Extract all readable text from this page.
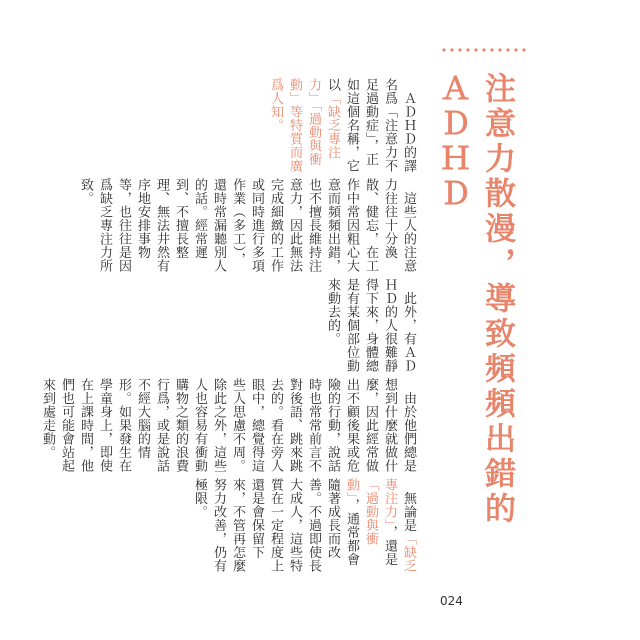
注意力散漫，導致頻頻出錯的ＡＤＨＤ

　ＡＤＨＤ的譯名爲「注意力不足過動症」，正如這個名稱，它以「缺乏專注力」「過動與衝動」等特質而廣爲人知。

　這些人的注意力往往十分渙散、健忘，在工作中常因粗心大意而頻頻出錯，也不擅長維持注意力，因此無法完成細緻的工作或同時進行多項作業（多工），還時常漏聽別人的話。經常遲到、不擅長整理、無法井然有序地安排事物等，也往往是因爲缺乏專注力所致。

　此外，有ＡＤＨＤ的人很難靜得下來，身體總是有某個部位動來動去的。

　由於他們總是想到什麼就做什麼，因此經常做出不顧後果或危險的行動，說話時也常常前言不對後語、跳來跳去的。看在旁人眼中，總覺得這些人思慮不周。除此之外，這些人也容易有衝動購物之類的浪費行爲，或是說話不經大腦的情形。如果發生在學童身上，即使在上課時間，他們也可能會站起來到處走動。

　無論是「缺乏專注力」，還是「過動與衝動」，通常都會隨著成長而改善。不過即使長大成人，這些特質在一定程度上還是會保留下來，不管再怎麼努力改善，仍有極限。

024
